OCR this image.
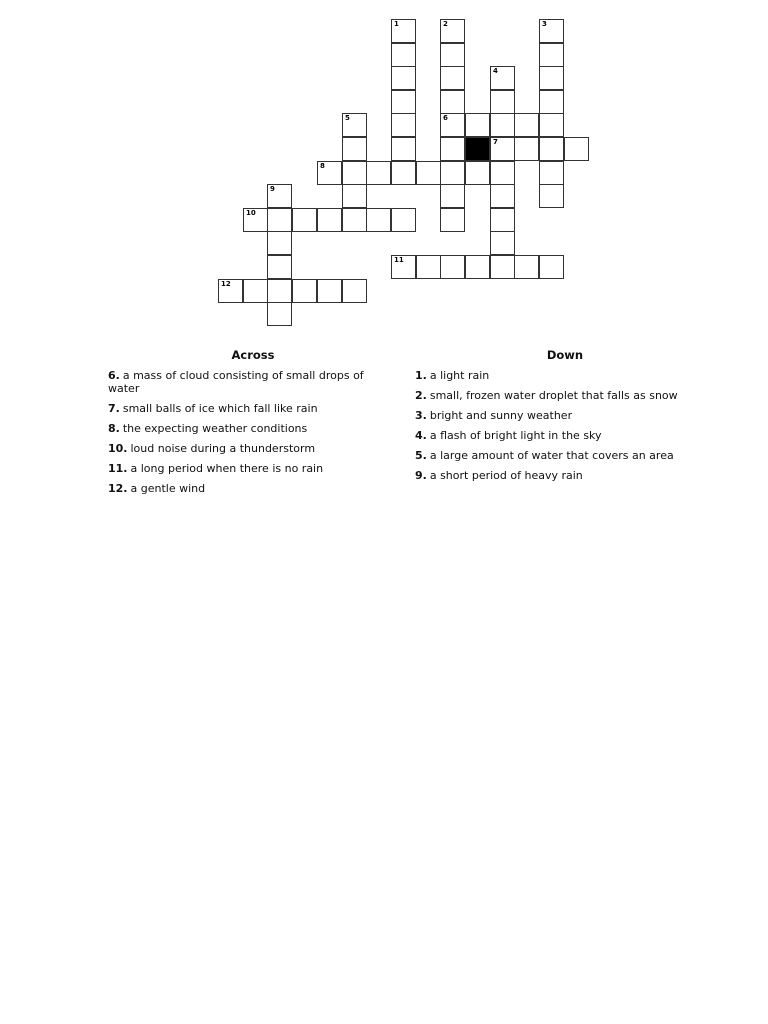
1	2	3
4
5	6
7
8
9
10
11
12
Across
6. a mass of cloud consisting of small drops of water
7. small balls of ice which fall like rain
8. the expecting weather conditions
10. loud noise during a thunderstorm
11. a long period when there is no rain
12. a gentle wind
Down
1. a light rain
2. small, frozen water droplet that falls as snow
3. bright and sunny weather
4. a flash of bright light in the sky
5. a large amount of water that covers an area
9. a short period of heavy rain
